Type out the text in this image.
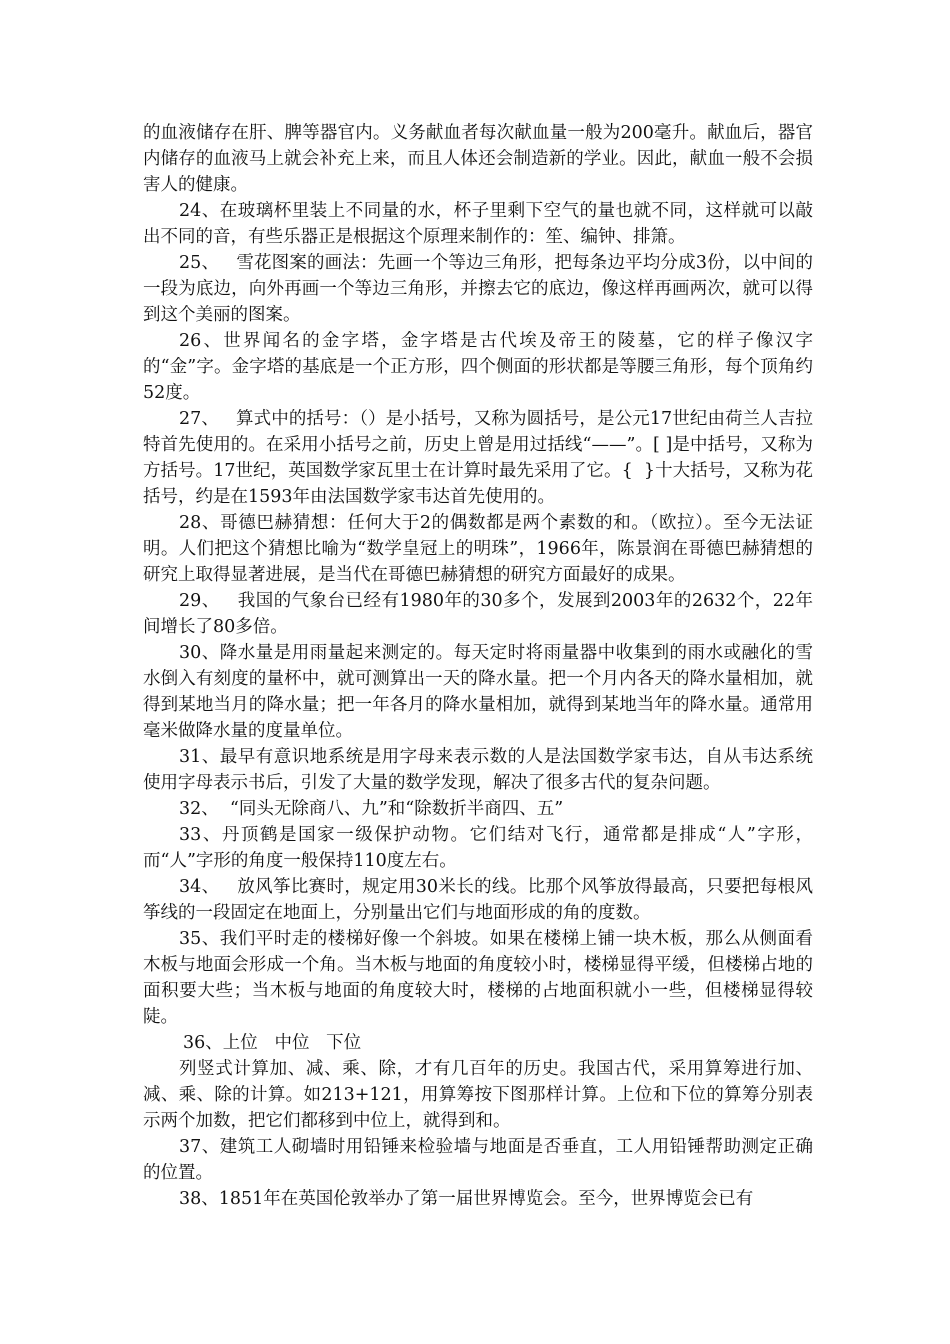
的血液储存在肝、脾等器官内。义务献血者每次献血量一般为200毫升。献血后，器官内储存的血液马上就会补充上来，而且人体还会制造新的学业。因此，献血一般不会损害人的健康。

24、在玻璃杯里装上不同量的水，杯子里剩下空气的量也就不同，这样就可以敲出不同的音，有些乐器正是根据这个原理来制作的：笙、编钟、排箫。

25、   雪花图案的画法：先画一个等边三角形，把每条边平均分成3份，以中间的一段为底边，向外再画一个等边三角形，并擦去它的底边，像这样再画两次，就可以得到这个美丽的图案。

26、世界闻名的金字塔，金字塔是古代埃及帝王的陵墓，它的样子像汉字的“金”字。金字塔的基底是一个正方形，四个侧面的形状都是等腰三角形，每个顶角约52度。

27、   算式中的括号：（）是小括号，又称为圆括号，是公元17世纪由荷兰人吉拉特首先使用的。在采用小括号之前，历史上曾是用过括线“——”。[ ]是中括号，又称为方括号。17世纪，英国数学家瓦里士在计算时最先采用了它。{  }十大括号，又称为花括号，约是在1593年由法国数学家韦达首先使用的。

28、哥德巴赫猜想：任何大于2的偶数都是两个素数的和。（欧拉）。至今无法证明。人们把这个猜想比喻为“数学皇冠上的明珠”，1966年，陈景润在哥德巴赫猜想的研究上取得显著进展，是当代在哥德巴赫猜想的研究方面最好的成果。

29、   我国的气象台已经有1980年的30多个，发展到2003年的2632个，22年间增长了80多倍。

30、降水量是用雨量起来测定的。每天定时将雨量器中收集到的雨水或融化的雪水倒入有刻度的量杯中，就可测算出一天的降水量。把一个月内各天的降水量相加，就得到某地当月的降水量；把一年各月的降水量相加，就得到某地当年的降水量。通常用毫米做降水量的度量单位。

31、最早有意识地系统是用字母来表示数的人是法国数学家韦达，自从韦达系统使用字母表示书后，引发了大量的数学发现，解决了很多古代的复杂问题。

32、  “同头无除商八、九”和“除数折半商四、五”

33、丹顶鹤是国家一级保护动物。它们结对飞行，通常都是排成“人”字形，而“人”字形的角度一般保持110度左右。

34、   放风筝比赛时，规定用30米长的线。比那个风筝放得最高，只要把每根风筝线的一段固定在地面上，分别量出它们与地面形成的角的度数。

35、我们平时走的楼梯好像一个斜坡。如果在楼梯上铺一块木板，那么从侧面看木板与地面会形成一个角。当木板与地面的角度较小时，楼梯显得平缓，但楼梯占地的面积要大些；当木板与地面的角度较大时，楼梯的占地面积就小一些，但楼梯显得较陡。

36、上位   中位   下位

列竖式计算加、减、乘、除，才有几百年的历史。我国古代，采用算筹进行加、减、乘、除的计算。如213+121，用算筹按下图那样计算。上位和下位的算筹分别表示两个加数，把它们都移到中位上，就得到和。

37、建筑工人砌墙时用铅锤来检验墙与地面是否垂直，工人用铅锤帮助测定正确的位置。

38、1851年在英国伦敦举办了第一届世界博览会。至今，世界博览会已有
